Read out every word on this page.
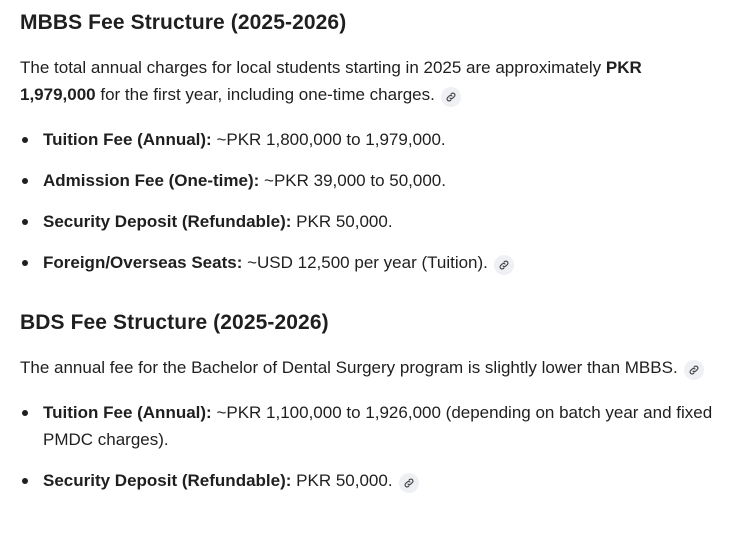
MBBS Fee Structure (2025-2026)

The total annual charges for local students starting in 2025 are approximately PKR 1,979,000 for the first year, including one-time charges.

Tuition Fee (Annual): ~PKR 1,800,000 to 1,979,000.
Admission Fee (One-time): ~PKR 39,000 to 50,000.
Security Deposit (Refundable): PKR 50,000.
Foreign/Overseas Seats: ~USD 12,500 per year (Tuition).
BDS Fee Structure (2025-2026)

The annual fee for the Bachelor of Dental Surgery program is slightly lower than MBBS.

Tuition Fee (Annual): ~PKR 1,100,000 to 1,926,000 (depending on batch year and fixed PMDC charges).
Security Deposit (Refundable): PKR 50,000.
